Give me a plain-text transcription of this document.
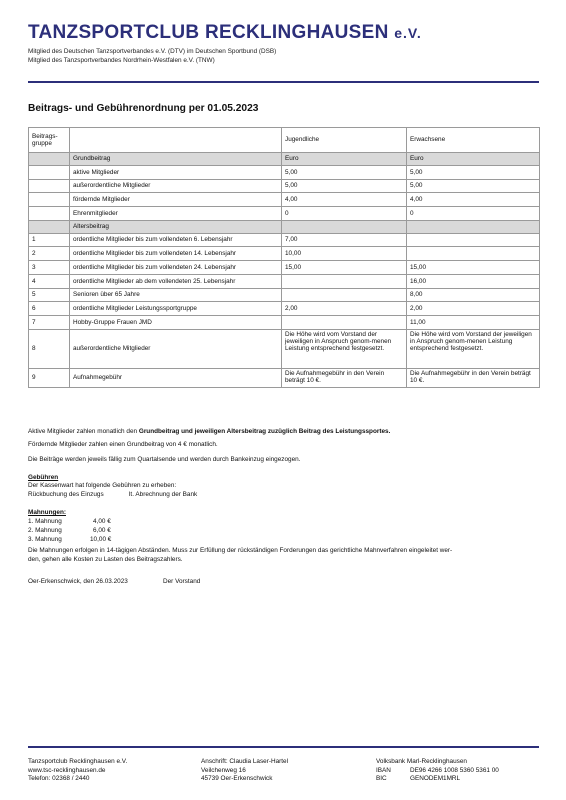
TANZSPORTCLUB RECKLINGHAUSEN e.V.
Mitglied des Deutschen Tanzsportverbandes e.V. (DTV) im Deutschen Sportbund (DSB)
Mitglied des Tanzsportverbandes Nordrhein-Westfalen e.V. (TNW)
Beitrags- und Gebührenordnung per 01.05.2023
Beitrags-
gruppe		Jugendliche	Erwachsene
	Grundbeitrag	Euro	Euro
	aktive Mitglieder	5,00	5,00
	außerordentliche Mitglieder	5,00	5,00
	fördernde Mitglieder	4,00	4,00
	Ehrenmitglieder	0	0
	Altersbeitrag		
1	ordentliche Mitglieder bis zum vollendeten 6. Lebensjahr	7,00	
2	ordentliche Mitglieder bis zum vollendeten 14. Lebensjahr	10,00	
3	ordentliche Mitglieder bis zum vollendeten 24. Lebensjahr	15,00	15,00
4	ordentliche Mitglieder ab dem vollendeten 25. Lebensjahr		16,00
5	Senioren über 65 Jahre		8,00
6	ordentliche Mitglieder Leistungssportgruppe	2,00	2,00
7	Hobby-Gruppe Frauen JMD		11,00
8	außerordentliche Mitglieder	Die Höhe wird vom Vorstand der jeweiligen in Anspruch genom-menen Leistung entsprechend festgesetzt.	Die Höhe wird vom Vorstand der jeweiligen in Anspruch genom-menen Leistung entsprechend festgesetzt.
9	Aufnahmegebühr	Die Aufnahmegebühr in den Verein beträgt 10 €.	Die Aufnahmegebühr in den Verein beträgt 10 €.
Aktive Mitglieder zahlen monatlich den Grundbeitrag und jeweiligen Altersbeitrag zuzüglich Beitrag des Leistungssportes.
Fördernde Mitglieder zahlen einen Grundbeitrag von 4 € monatlich.
Die Beiträge werden jeweils fällig zum Quartalsende und werden durch Bankeinzug eingezogen.
Gebühren
Der Kassenwart hat folgende Gebühren zu erheben:
Rückbuchung des Einzugs	lt. Abrechnung der Bank
Mahnungen:
1. Mahnung	4,00 €
2. Mahnung	6,00 €
3. Mahnung	10,00 €
Die Mahnungen erfolgen in 14-tägigen Abständen. Muss zur Erfüllung der rückständigen Forderungen das gerichtliche Mahnverfahren eingeleitet wer-
den, gehen alle Kosten zu Lasten des Beitragszahlers.
Oer-Erkenschwick, den 26.03.2023	Der Vorstand
Tanzsportclub Recklinghausen e.V.
www.tsc-recklinghausen.de
Telefon: 02368 / 2440
Anschrift: Claudia Laser-Hartel
Veilchenweg 16
45739 Oer-Erkenschwick
Volksbank Marl-Recklinghausen
IBAN	DE96 4266 1008 5360 5361 00
BIC	GENODEM1MRL
